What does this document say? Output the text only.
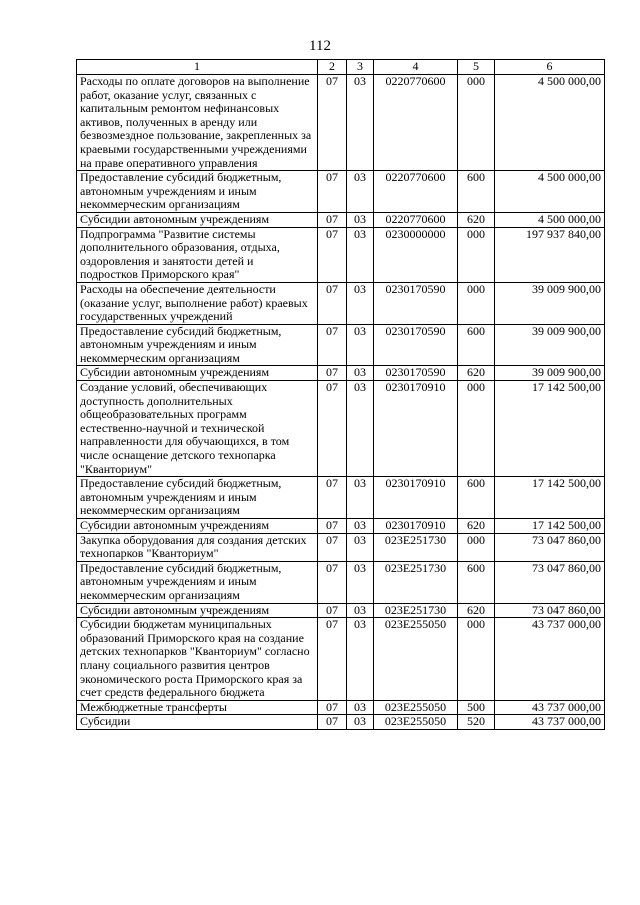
112
1	2	3	4	5	6
Расходы по оплате договоров на выполнение работ, оказание услуг, связанных с капитальным ремонтом нефинансовых активов, полученных в аренду или безвозмездное пользование, закрепленных за краевыми государственными учреждениями на праве оперативного управления	07	03	0220770600	000	4 500 000,00
Предоставление субсидий бюджетным, автономным учреждениям и иным некоммерческим организациям	07	03	0220770600	600	4 500 000,00
Субсидии автономным учреждениям	07	03	0220770600	620	4 500 000,00
Подпрограмма "Развитие системы дополнительного образования, отдыха, оздоровления и занятости детей и подростков Приморского края"	07	03	0230000000	000	197 937 840,00
Расходы на обеспечение деятельности (оказание услуг, выполнение работ) краевых государственных учреждений	07	03	0230170590	000	39 009 900,00
Предоставление субсидий бюджетным, автономным учреждениям и иным некоммерческим организациям	07	03	0230170590	600	39 009 900,00
Субсидии автономным учреждениям	07	03	0230170590	620	39 009 900,00
Создание условий, обеспечивающих доступность дополнительных общеобразовательных программ естественно-научной и технической направленности для обучающихся, в том числе оснащение детского технопарка "Кванториум"	07	03	0230170910	000	17 142 500,00
Предоставление субсидий бюджетным, автономным учреждениям и иным некоммерческим организациям	07	03	0230170910	600	17 142 500,00
Субсидии автономным учреждениям	07	03	0230170910	620	17 142 500,00
Закупка оборудования для создания детских технопарков "Кванториум"	07	03	023E251730	000	73 047 860,00
Предоставление субсидий бюджетным, автономным учреждениям и иным некоммерческим организациям	07	03	023E251730	600	73 047 860,00
Субсидии автономным учреждениям	07	03	023E251730	620	73 047 860,00
Субсидии бюджетам муниципальных образований Приморского края на создание детских технопарков "Кванториум" согласно плану социального развития центров экономического роста Приморского края за счет средств федерального бюджета	07	03	023E255050	000	43 737 000,00
Межбюджетные трансферты	07	03	023E255050	500	43 737 000,00
Субсидии	07	03	023E255050	520	43 737 000,00
